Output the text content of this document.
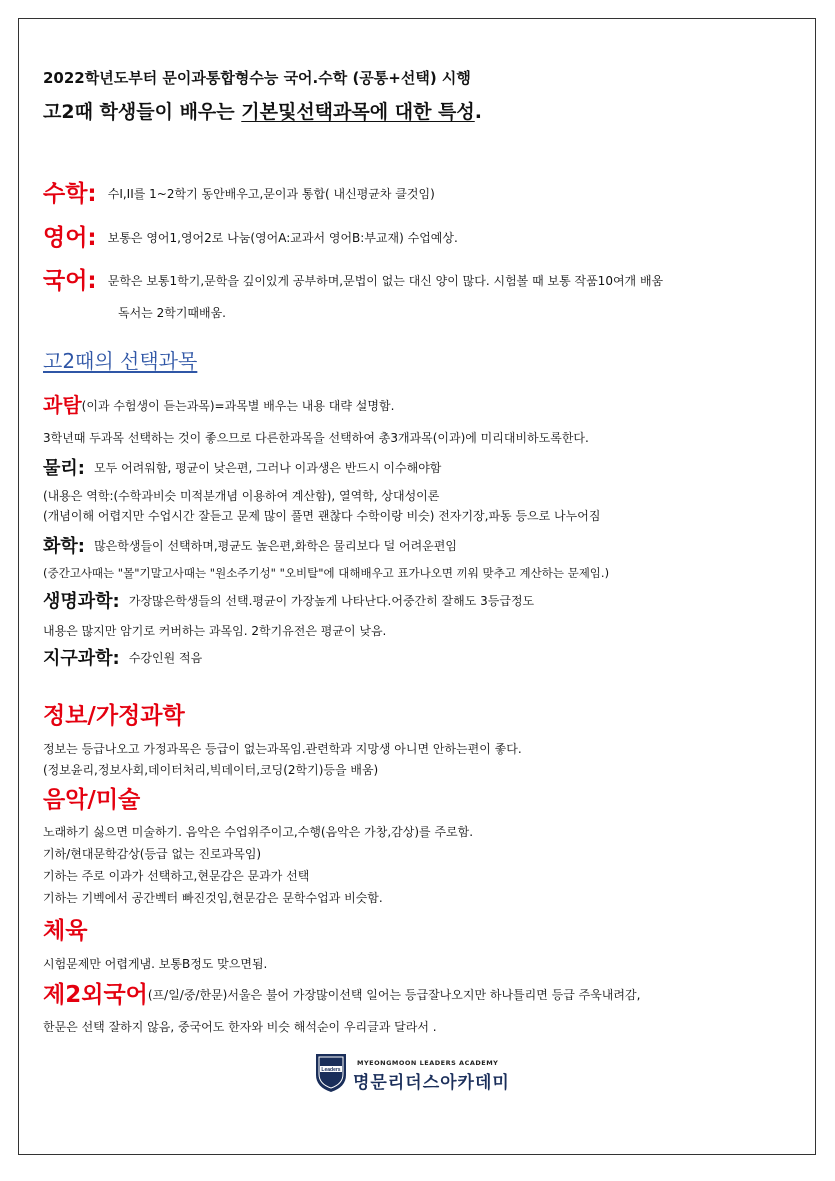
2022학년도부터 문이과통합형수능 국어.수학 (공통+선택) 시행
고2때 학생들이 배우는 기본및선택과목에 대한 특성.
수학: 수I,II를 1~2학기 동안배우고,문이과 통합( 내신평균차 클것임)
영어: 보통은 영어1,영어2로 나눔(영어A:교과서 영어B:부교재) 수업예상.
국어: 문학은 보통1학기,문학을 깊이있게 공부하며,문법이 없는 대신 양이 많다. 시험볼 때 보통 작품10여개 배움
독서는 2학기때배움.
고2때의 선택과목
과탐(이과 수험생이 듣는과목)=과목별 배우는 내용 대략 설명함.
3학년때 두과목 선택하는 것이 좋으므로 다른한과목을 선택하여 총3개과목(이과)에 미리대비하도록한다.
물리: 모두 어려워함, 평균이 낮은편, 그러나 이과생은 반드시 이수해야함
(내용은 역학:(수학과비슷 미적분개념 이용하여 계산함), 열역학, 상대성이론
(개념이해 어렵지만 수업시간 잘듣고 문제 많이 풀면 괜찮다 수학이랑 비슷) 전자기장,파동 등으로 나누어짐
화학: 많은학생들이 선택하며,평균도 높은편,화학은 물리보다 덜 어려운편임
(중간고사때는 "몰"기말고사때는 "원소주기성" "오비탈"에 대해배우고 표가나오면 끼워 맞추고 계산하는 문제임.)
생명과학: 가장많은학생들의 선택.평균이 가장높게 나타난다.어중간히 잘해도 3등급정도
내용은 많지만 암기로 커버하는 과목임. 2학기유전은 평균이 낮음.
지구과학: 수강인원 적음
정보/가정과학
정보는 등급나오고 가정과목은 등급이 없는과목임.관련학과 지망생 아니면 안하는편이 좋다.
(정보윤리,정보사회,데이터처리,빅데이터,코딩(2학기)등을 배움)
음악/미술
노래하기 싫으면 미술하기. 음악은 수업위주이고,수행(음악은 가창,감상)를 주로함.
기하/현대문학감상(등급 없는 진로과목임)
기하는 주로 이과가 선택하고,현문감은 문과가 선택
기하는 기벡에서 공간벡터 빠진것임,현문감은 문학수업과 비슷함.
체육
시험문제만 어렵게냄. 보통B정도 맞으면됨.
제2외국어(프/일/중/한문)서울은 불어 가장많이선택 일어는 등급잘나오지만 하나틀리면 등급 주욱내려감,
한문은 선택 잘하지 않음, 중국어도 한자와 비슷 해석순이 우리글과 달라서 .
Leaders
MYEONGMOON LEADERS ACADEMY
명문리더스아카데미
